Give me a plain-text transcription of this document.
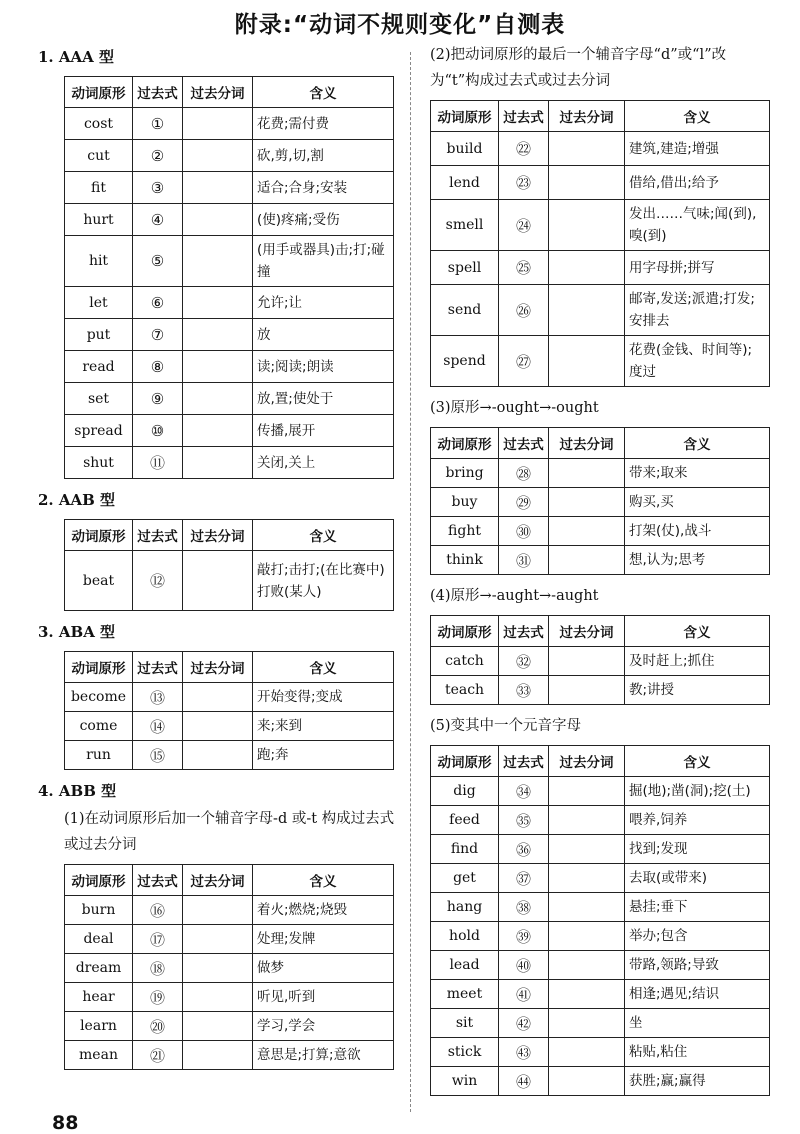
附录:“动词不规则变化”自测表
1. AAA 型
动词原形	过去式	过去分词	含义
cost	①		花费;需付费
cut	②		砍,剪,切,割
fit	③		适合;合身;安装
hurt	④		(使)疼痛;受伤
hit	⑤		(用手或器具)击;打;碰撞
let	⑥		允许;让
put	⑦		放
read	⑧		读;阅读;朗读
set	⑨		放,置;使处于
spread	⑩		传播,展开
shut	⑪		关闭,关上
2. AAB 型
动词原形	过去式	过去分词	含义
beat	⑫		敲打;击打;(在比赛中)打败(某人)
3. ABA 型
动词原形	过去式	过去分词	含义
become	⑬		开始变得;变成
come	⑭		来;来到
run	⑮		跑;奔
4. ABB 型
(1)在动词原形后加一个辅音字母-d 或-t 构成过去式或过去分词
动词原形	过去式	过去分词	含义
burn	⑯		着火;燃烧;烧毁
deal	⑰		处理;发牌
dream	⑱		做梦
hear	⑲		听见,听到
learn	⑳		学习,学会
mean	㉑		意思是;打算;意欲
(2)把动词原形的最后一个辅音字母“d”或“l”改为“t”构成过去式或过去分词
动词原形	过去式	过去分词	含义
build	㉒		建筑,建造;增强
lend	㉓		借给,借出;给予
smell	㉔		发出……气味;闻(到),嗅(到)
spell	㉕		用字母拼;拼写
send	㉖		邮寄,发送;派遣;打发;安排去
spend	㉗		花费(金钱、时间等);度过
(3)原形→-ought→-ought
动词原形	过去式	过去分词	含义
bring	㉘		带来;取来
buy	㉙		购买,买
fight	㉚		打架(仗),战斗
think	㉛		想,认为;思考
(4)原形→-aught→-aught
动词原形	过去式	过去分词	含义
catch	㉜		及时赶上;抓住
teach	㉝		教;讲授
(5)变其中一个元音字母
动词原形	过去式	过去分词	含义
dig	㉞		掘(地);凿(洞);挖(土)
feed	㉟		喂养,饲养
find	㊱		找到;发现
get	㊲		去取(或带来)
hang	㊳		悬挂;垂下
hold	㊴		举办;包含
lead	㊵		带路,领路;导致
meet	㊶		相逢;遇见;结识
sit	㊷		坐
stick	㊸		粘贴,粘住
win	㊹		获胜;赢;赢得
88
